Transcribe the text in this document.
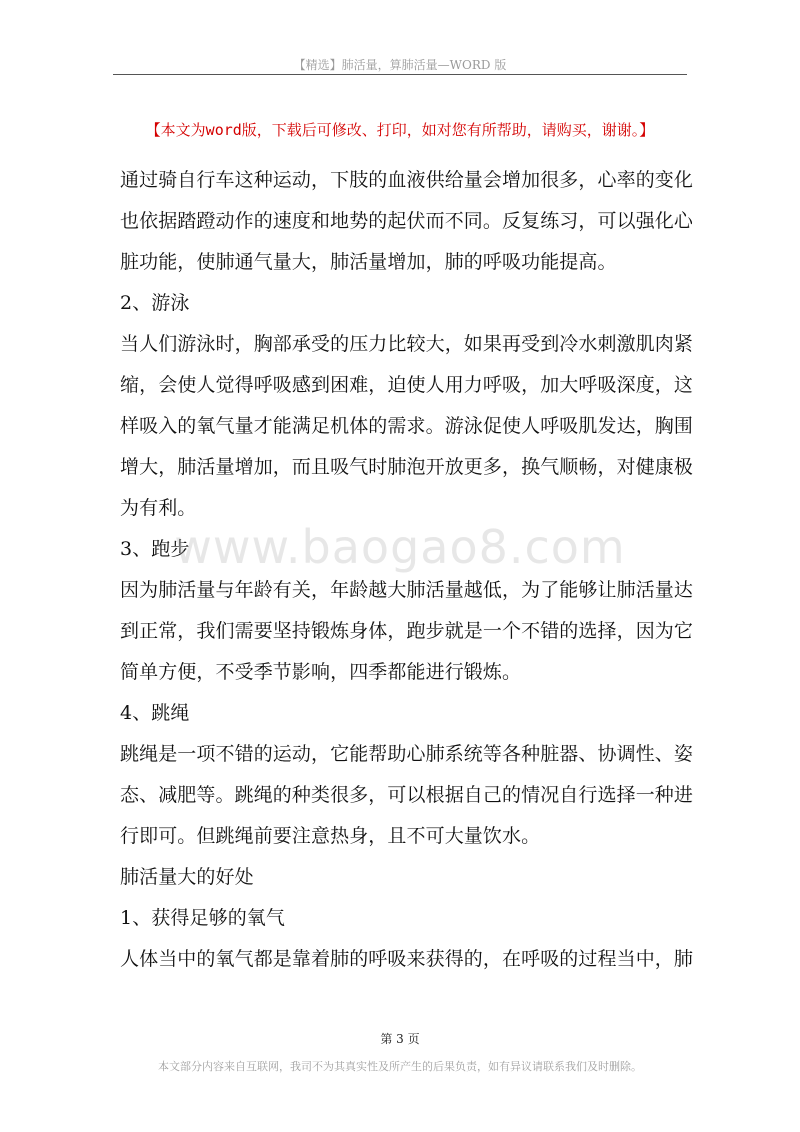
【精选】肺活量，算肺活量—WORD 版
【本文为word版，下载后可修改、打印，如对您有所帮助，请购买，谢谢。】
通过骑自行车这种运动，下肢的血液供给量会增加很多，心率的变化
也依据踏蹬动作的速度和地势的起伏而不同。反复练习，可以强化心
脏功能，使肺通气量大，肺活量增加，肺的呼吸功能提高。
2、游泳
当人们游泳时，胸部承受的压力比较大，如果再受到冷水刺激肌肉紧
缩，会使人觉得呼吸感到困难，迫使人用力呼吸，加大呼吸深度，这
样吸入的氧气量才能满足机体的需求。游泳促使人呼吸肌发达，胸围
增大，肺活量增加，而且吸气时肺泡开放更多，换气顺畅，对健康极
为有利。
3、跑步
因为肺活量与年龄有关，年龄越大肺活量越低，为了能够让肺活量达
到正常，我们需要坚持锻炼身体，跑步就是一个不错的选择，因为它
简单方便，不受季节影响，四季都能进行锻炼。
4、跳绳
跳绳是一项不错的运动，它能帮助心肺系统等各种脏器、协调性、姿
态、减肥等。跳绳的种类很多，可以根据自己的情况自行选择一种进
行即可。但跳绳前要注意热身，且不可大量饮水。
肺活量大的好处
1、获得足够的氧气
人体当中的氧气都是靠着肺的呼吸来获得的，在呼吸的过程当中，肺
www.baogao8.com
第 3 页
本文部分内容来自互联网，我司不为其真实性及所产生的后果负责，如有异议请联系我们及时删除。
